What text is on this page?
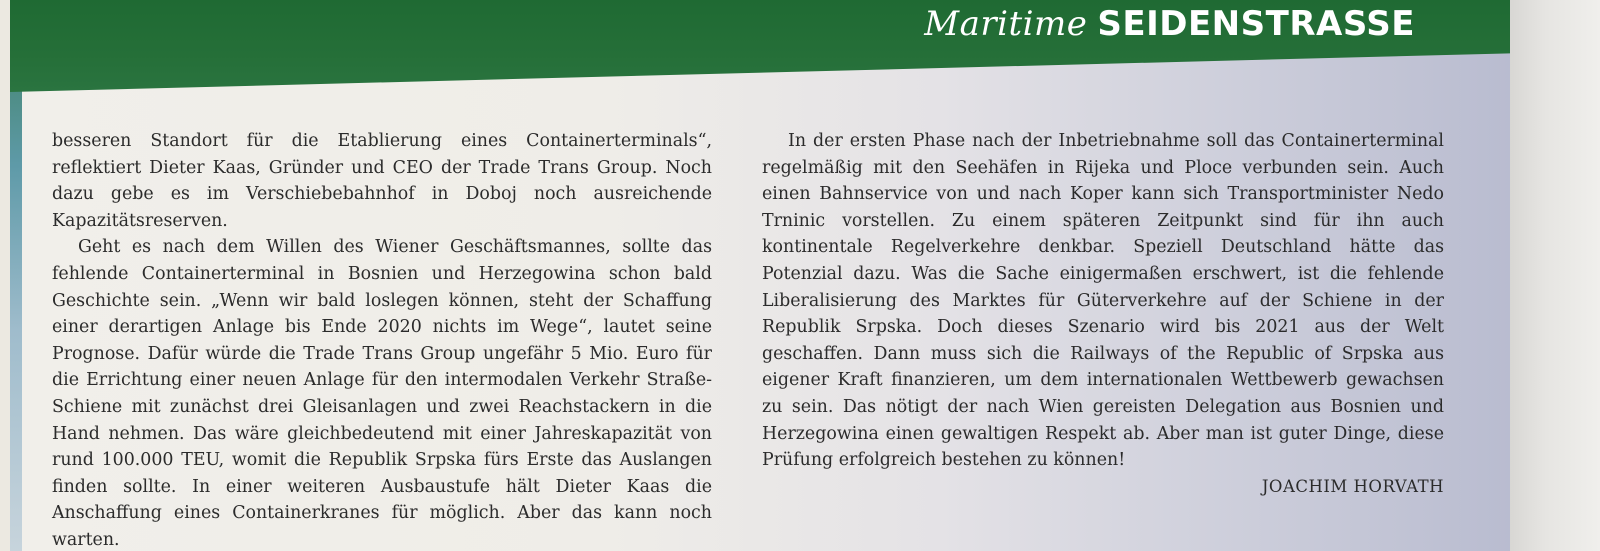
Maritime SEIDENSTRASSE

besseren Standort für die Etablierung eines Containerterminals“, reflektiert Dieter Kaas, Gründer und CEO der Trade Trans Group. Noch dazu gebe es im Verschiebebahnhof in Doboj noch ausreichende Kapazitätsreserven.

Geht es nach dem Willen des Wiener Geschäftsmannes, sollte das fehlende Containerterminal in Bosnien und Herzegowina schon bald Geschichte sein. „Wenn wir bald loslegen können, steht der Schaffung einer derartigen Anlage bis Ende 2020 nichts im Wege“, lautet seine Prognose. Dafür würde die Trade Trans Group ungefähr 5 Mio. Euro für die Errichtung einer neuen Anlage für den intermodalen Verkehr Straße-Schiene mit zunächst drei Gleisanlagen und zwei Reachstackern in die Hand nehmen. Das wäre gleichbedeutend mit einer Jahreskapazität von rund 100.000 TEU, womit die Republik Srpska fürs Erste das Auslangen finden sollte. In einer weiteren Ausbaustufe hält Dieter Kaas die Anschaffung eines Containerkranes für möglich. Aber das kann noch warten.

In der ersten Phase nach der Inbetriebnahme soll das Containerterminal regelmäßig mit den Seehäfen in Rijeka und Ploce verbunden sein. Auch einen Bahnservice von und nach Koper kann sich Transportminister Nedo Trninic vorstellen. Zu einem späteren Zeitpunkt sind für ihn auch kontinentale Regelverkehre denkbar. Speziell Deutschland hätte das Potenzial dazu. Was die Sache einigermaßen erschwert, ist die fehlende Liberalisierung des Marktes für Güterverkehre auf der Schiene in der Republik Srpska. Doch dieses Szenario wird bis 2021 aus der Welt geschaffen. Dann muss sich die Railways of the Republic of Srpska aus eigener Kraft finanzieren, um dem internationalen Wettbewerb gewachsen zu sein. Das nötigt der nach Wien gereisten Delegation aus Bosnien und Herzegowina einen gewaltigen Respekt ab. Aber man ist guter Dinge, diese Prüfung erfolgreich bestehen zu können!

JOACHIM HORVATH
